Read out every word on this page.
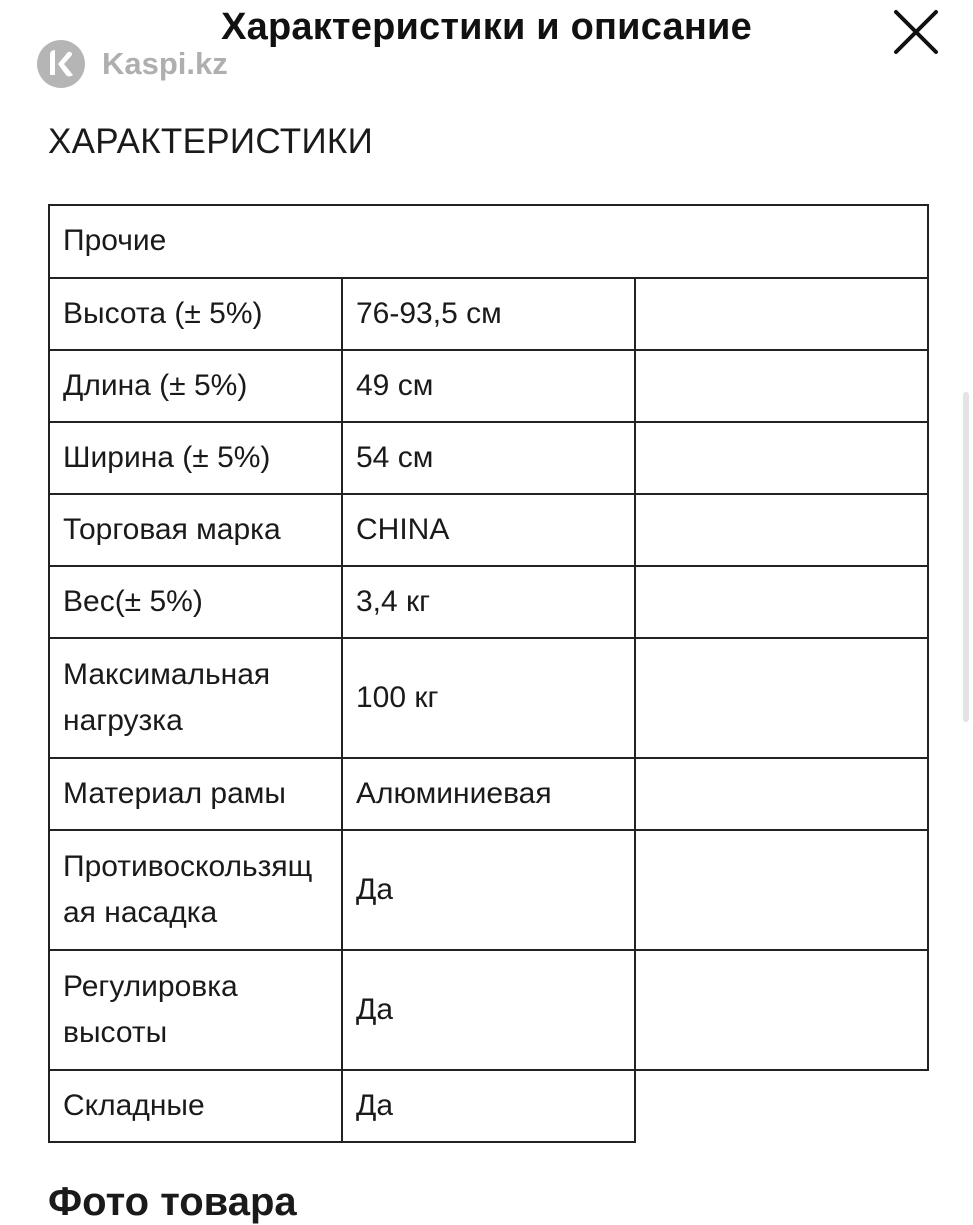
Характеристики и описание
Kaspi.kz
ХАРАКТЕРИСТИКИ
Прочие		
Высота (± 5%)	76-93,5 см	
Длина (± 5%)	49 см	
Ширина (± 5%)	54 см	
Торговая марка	CHINA	
Вес(± 5%)	3,4 кг	
Максимальная нагрузка	100 кг	
Материал рамы	Алюминиевая	
Противоскользящая насадка	Да	
Регулировка высоты	Да	
Складные	Да	
Фото товара
